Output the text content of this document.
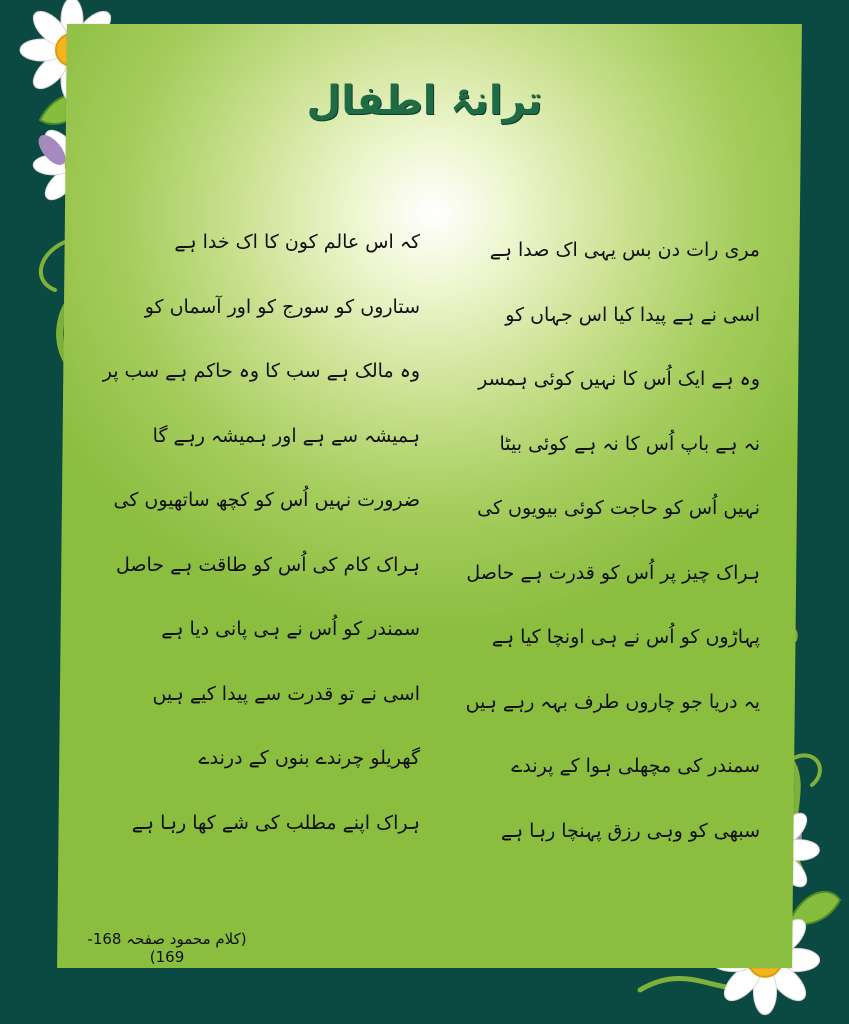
ترانۂ اطفال
مری رات دن بس یہی اک صدا ہے
اسی نے ہے پیدا کیا اس جہاں کو
وہ ہے ایک اُس کا نہیں کوئی ہمسر
نہ ہے باپ اُس کا نہ ہے کوئی بیٹا
نہیں اُس کو حاجت کوئی بیویوں کی
ہراک چیز پر اُس کو قدرت ہے حاصل
پہاڑوں کو اُس نے ہی اونچا کیا ہے
یہ دریا جو چاروں طرف بہہ رہے ہیں
سمندر کی مچھلی ہوا کے پرندے
سبھی کو وہی رزق پہنچا رہا ہے
کہ اس عالم کون کا اک خدا ہے
ستاروں کو سورج کو اور آسماں کو
وہ مالک ہے سب کا وہ حاکم ہے سب پر
ہمیشہ سے ہے اور ہمیشہ رہے گا
ضرورت نہیں اُس کو کچھ ساتھیوں کی
ہراک کام کی اُس کو طاقت ہے حاصل
سمندر کو اُس نے ہی پانی دیا ہے
اسی نے تو قدرت سے پیدا کیے ہیں
گھریلو چرندے بنوں کے درندے
ہراک اپنے مطلب کی شے کھا رہا ہے
(کلام محمود صفحہ 168-169)
